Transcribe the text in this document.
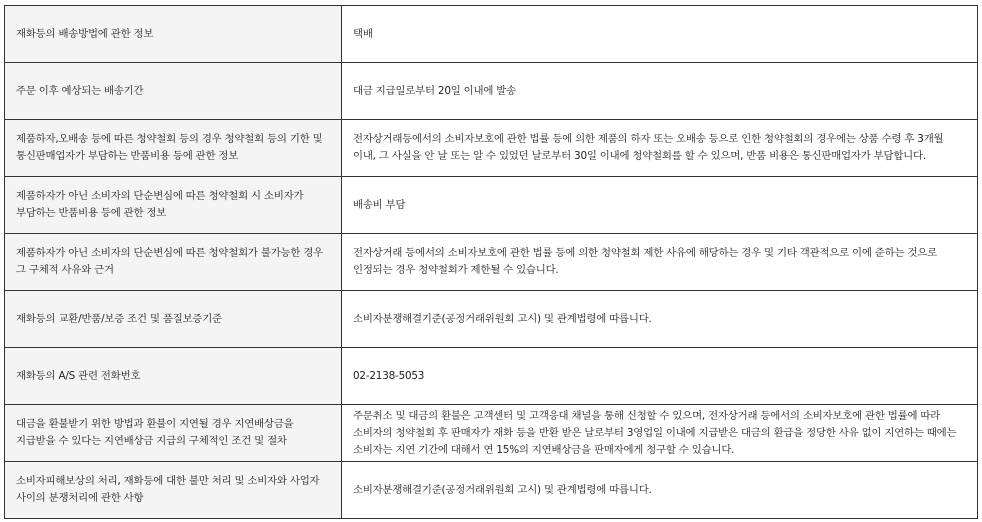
재화등의 배송방법에 관한 정보	택배
주문 이후 예상되는 배송기간	대금 지급일로부터 20일 이내에 발송
제품하자,오배송 등에 따른 청약철회 등의 경우 청약철회 등의 기한 및 통신판매업자가 부담하는 반품비용 등에 관한 정보	전자상거래등에서의 소비자보호에 관한 법률 등에 의한 제품의 하자 또는 오배송 등으로 인한 청약철회의 경우에는 상품 수령 후 3개월 이내, 그 사실을 안 날 또는 알 수 있었던 날로부터 30일 이내에 청약철회를 할 수 있으며, 반품 비용은 통신판매업자가 부담합니다.
제품하자가 아닌 소비자의 단순변심에 따른 청약철회 시 소비자가 부담하는 반품비용 등에 관한 정보	배송비 부담
제품하자가 아닌 소비자의 단순변심에 따른 청약철회가 불가능한 경우 그 구체적 사유와 근거	전자상거래 등에서의 소비자보호에 관한 법률 등에 의한 청약철회 제한 사유에 해당하는 경우 및 기타 객관적으로 이에 준하는 것으로 인정되는 경우 청약철회가 제한될 수 있습니다.
재화등의 교환/반품/보증 조건 및 품질보증기준	소비자분쟁해결기준(공정거래위원회 고시) 및 관계법령에 따릅니다.
재화등의 A/S 관련 전화번호	02-2138-5053
대금을 환불받기 위한 방법과 환불이 지연될 경우 지연배상금을 지급받을 수 있다는 지연배상금 지급의 구체적인 조건 및 절차	주문취소 및 대금의 환불은 고객센터 및 고객응대 채널을 통해 신청할 수 있으며, 전자상거래 등에서의 소비자보호에 관한 법률에 따라 소비자의 청약철회 후 판매자가 재화 등을 반환 받은 날로부터 3영업일 이내에 지급받은 대금의 환급을 정당한 사유 없이 지연하는 때에는 소비자는 지연 기간에 대해서 연 15%의 지연배상금을 판매자에게 청구할 수 있습니다.
소비자피해보상의 처리, 재화등에 대한 불만 처리 및 소비자와 사업자 사이의 분쟁처리에 관한 사항	소비자분쟁해결기준(공정거래위원회 고시) 및 관계법령에 따릅니다.
